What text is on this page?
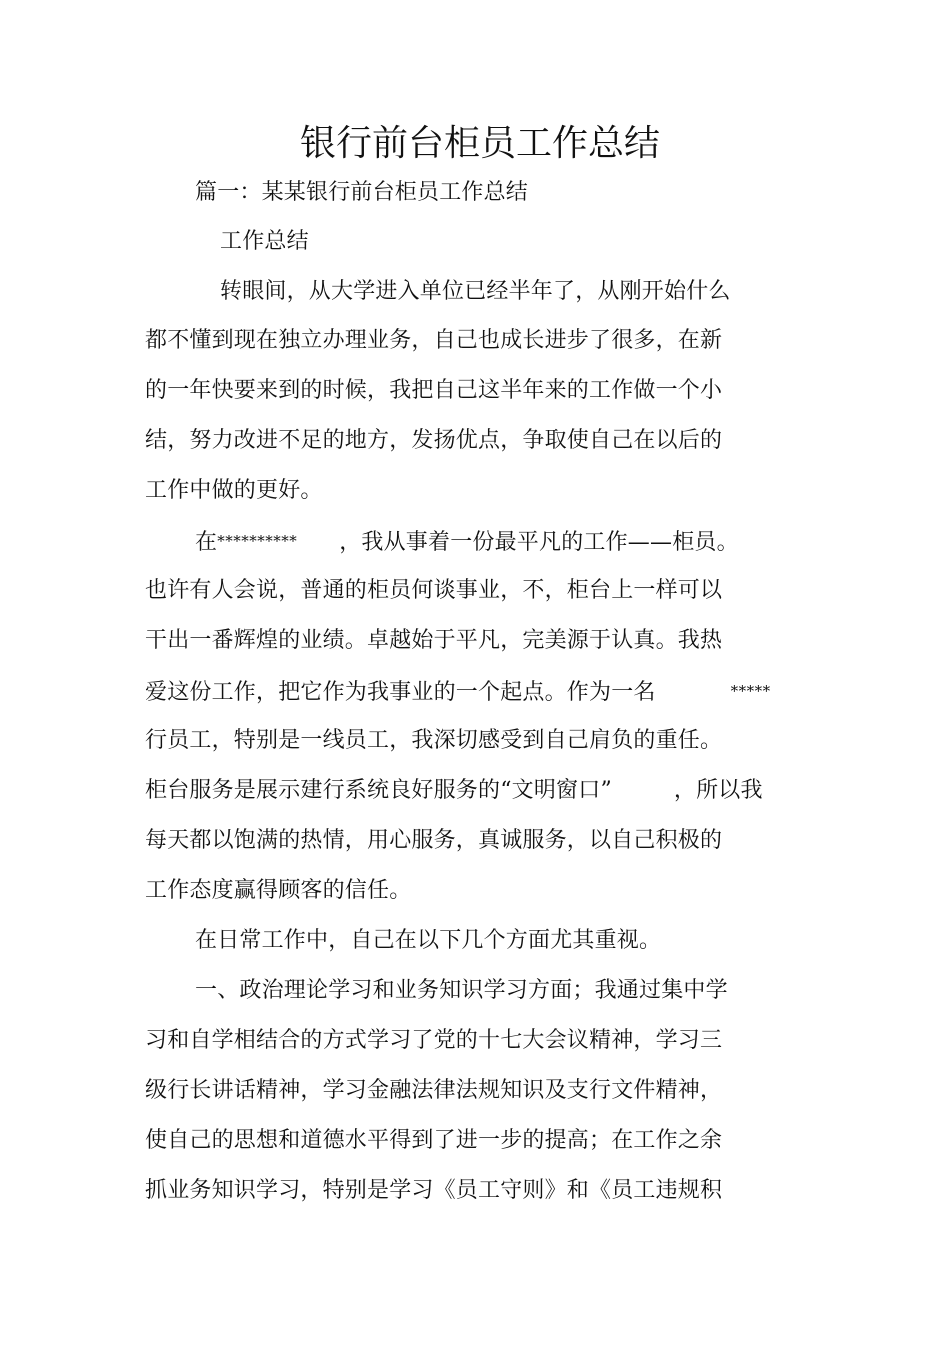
银行前台柜员工作总结
篇一：某某银行前台柜员工作总结
工作总结
转眼间，从大学进入单位已经半年了，从刚开始什么
都不懂到现在独立办理业务，自己也成长进步了很多，在新
的一年快要来到的时候，我把自己这半年来的工作做一个小
结，努力改进不足的地方，发扬优点，争取使自己在以后的
工作中做的更好。
在********** ，我从事着一份最平凡的工作——柜员。
也许有人会说，普通的柜员何谈事业，不，柜台上一样可以
干出一番辉煌的业绩。卓越始于平凡，完美源于认真。我热
爱这份工作，把它作为我事业的一个起点。作为一名	*****
行员工，特别是一线员工，我深切感受到自己肩负的重任。
柜台服务是展示建行系统良好服务的“文明窗口”	，所以我
每天都以饱满的热情，用心服务，真诚服务，以自己积极的
工作态度赢得顾客的信任。
在日常工作中，自己在以下几个方面尤其重视。
一、政治理论学习和业务知识学习方面；我通过集中学
习和自学相结合的方式学习了党的十七大会议精神，学习三
级行长讲话精神，学习金融法律法规知识及支行文件精神，
使自己的思想和道德水平得到了进一步的提高；在工作之余
抓业务知识学习，特别是学习《员工守则》和《员工违规积
